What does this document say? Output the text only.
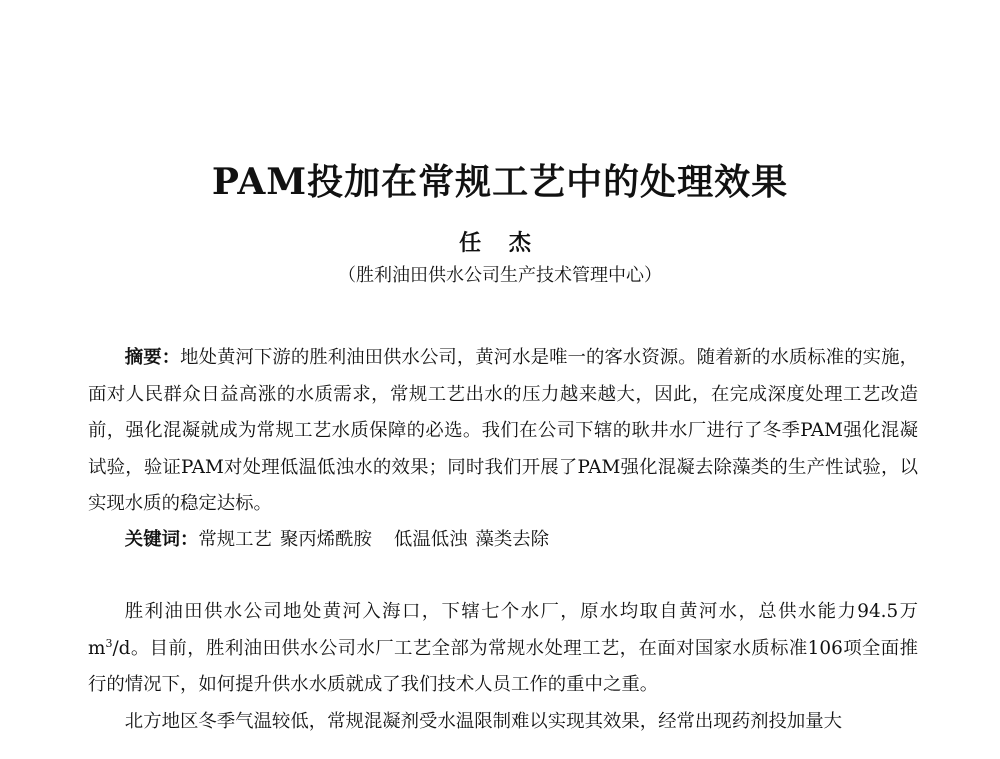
PAM投加在常规工艺中的处理效果
任 杰
（胜利油田供水公司生产技术管理中心）

摘要：地处黄河下游的胜利油田供水公司，黄河水是唯一的客水资源。随着新的水质标准的实施，面对人民群众日益高涨的水质需求，常规工艺出水的压力越来越大，因此，在完成深度处理工艺改造前，强化混凝就成为常规工艺水质保障的必选。我们在公司下辖的耿井水厂进行了冬季PAM强化混凝试验，验证PAM对处理低温低浊水的效果；同时我们开展了PAM强化混凝去除藻类的生产性试验，以实现水质的稳定达标。

关键词：常规工艺 聚丙烯酰胺 低温低浊 藻类去除

胜利油田供水公司地处黄河入海口，下辖七个水厂，原水均取自黄河水，总供水能力94.5万$m^3/d$。目前，胜利油田供水公司水厂工艺全部为常规水处理工艺，在面对国家水质标准106项全面推行的情况下，如何提升供水水质就成了我们技术人员工作的重中之重。

北方地区冬季气温较低，常规混凝剂受水温限制难以实现其效果，经常出现药剂投加量大
